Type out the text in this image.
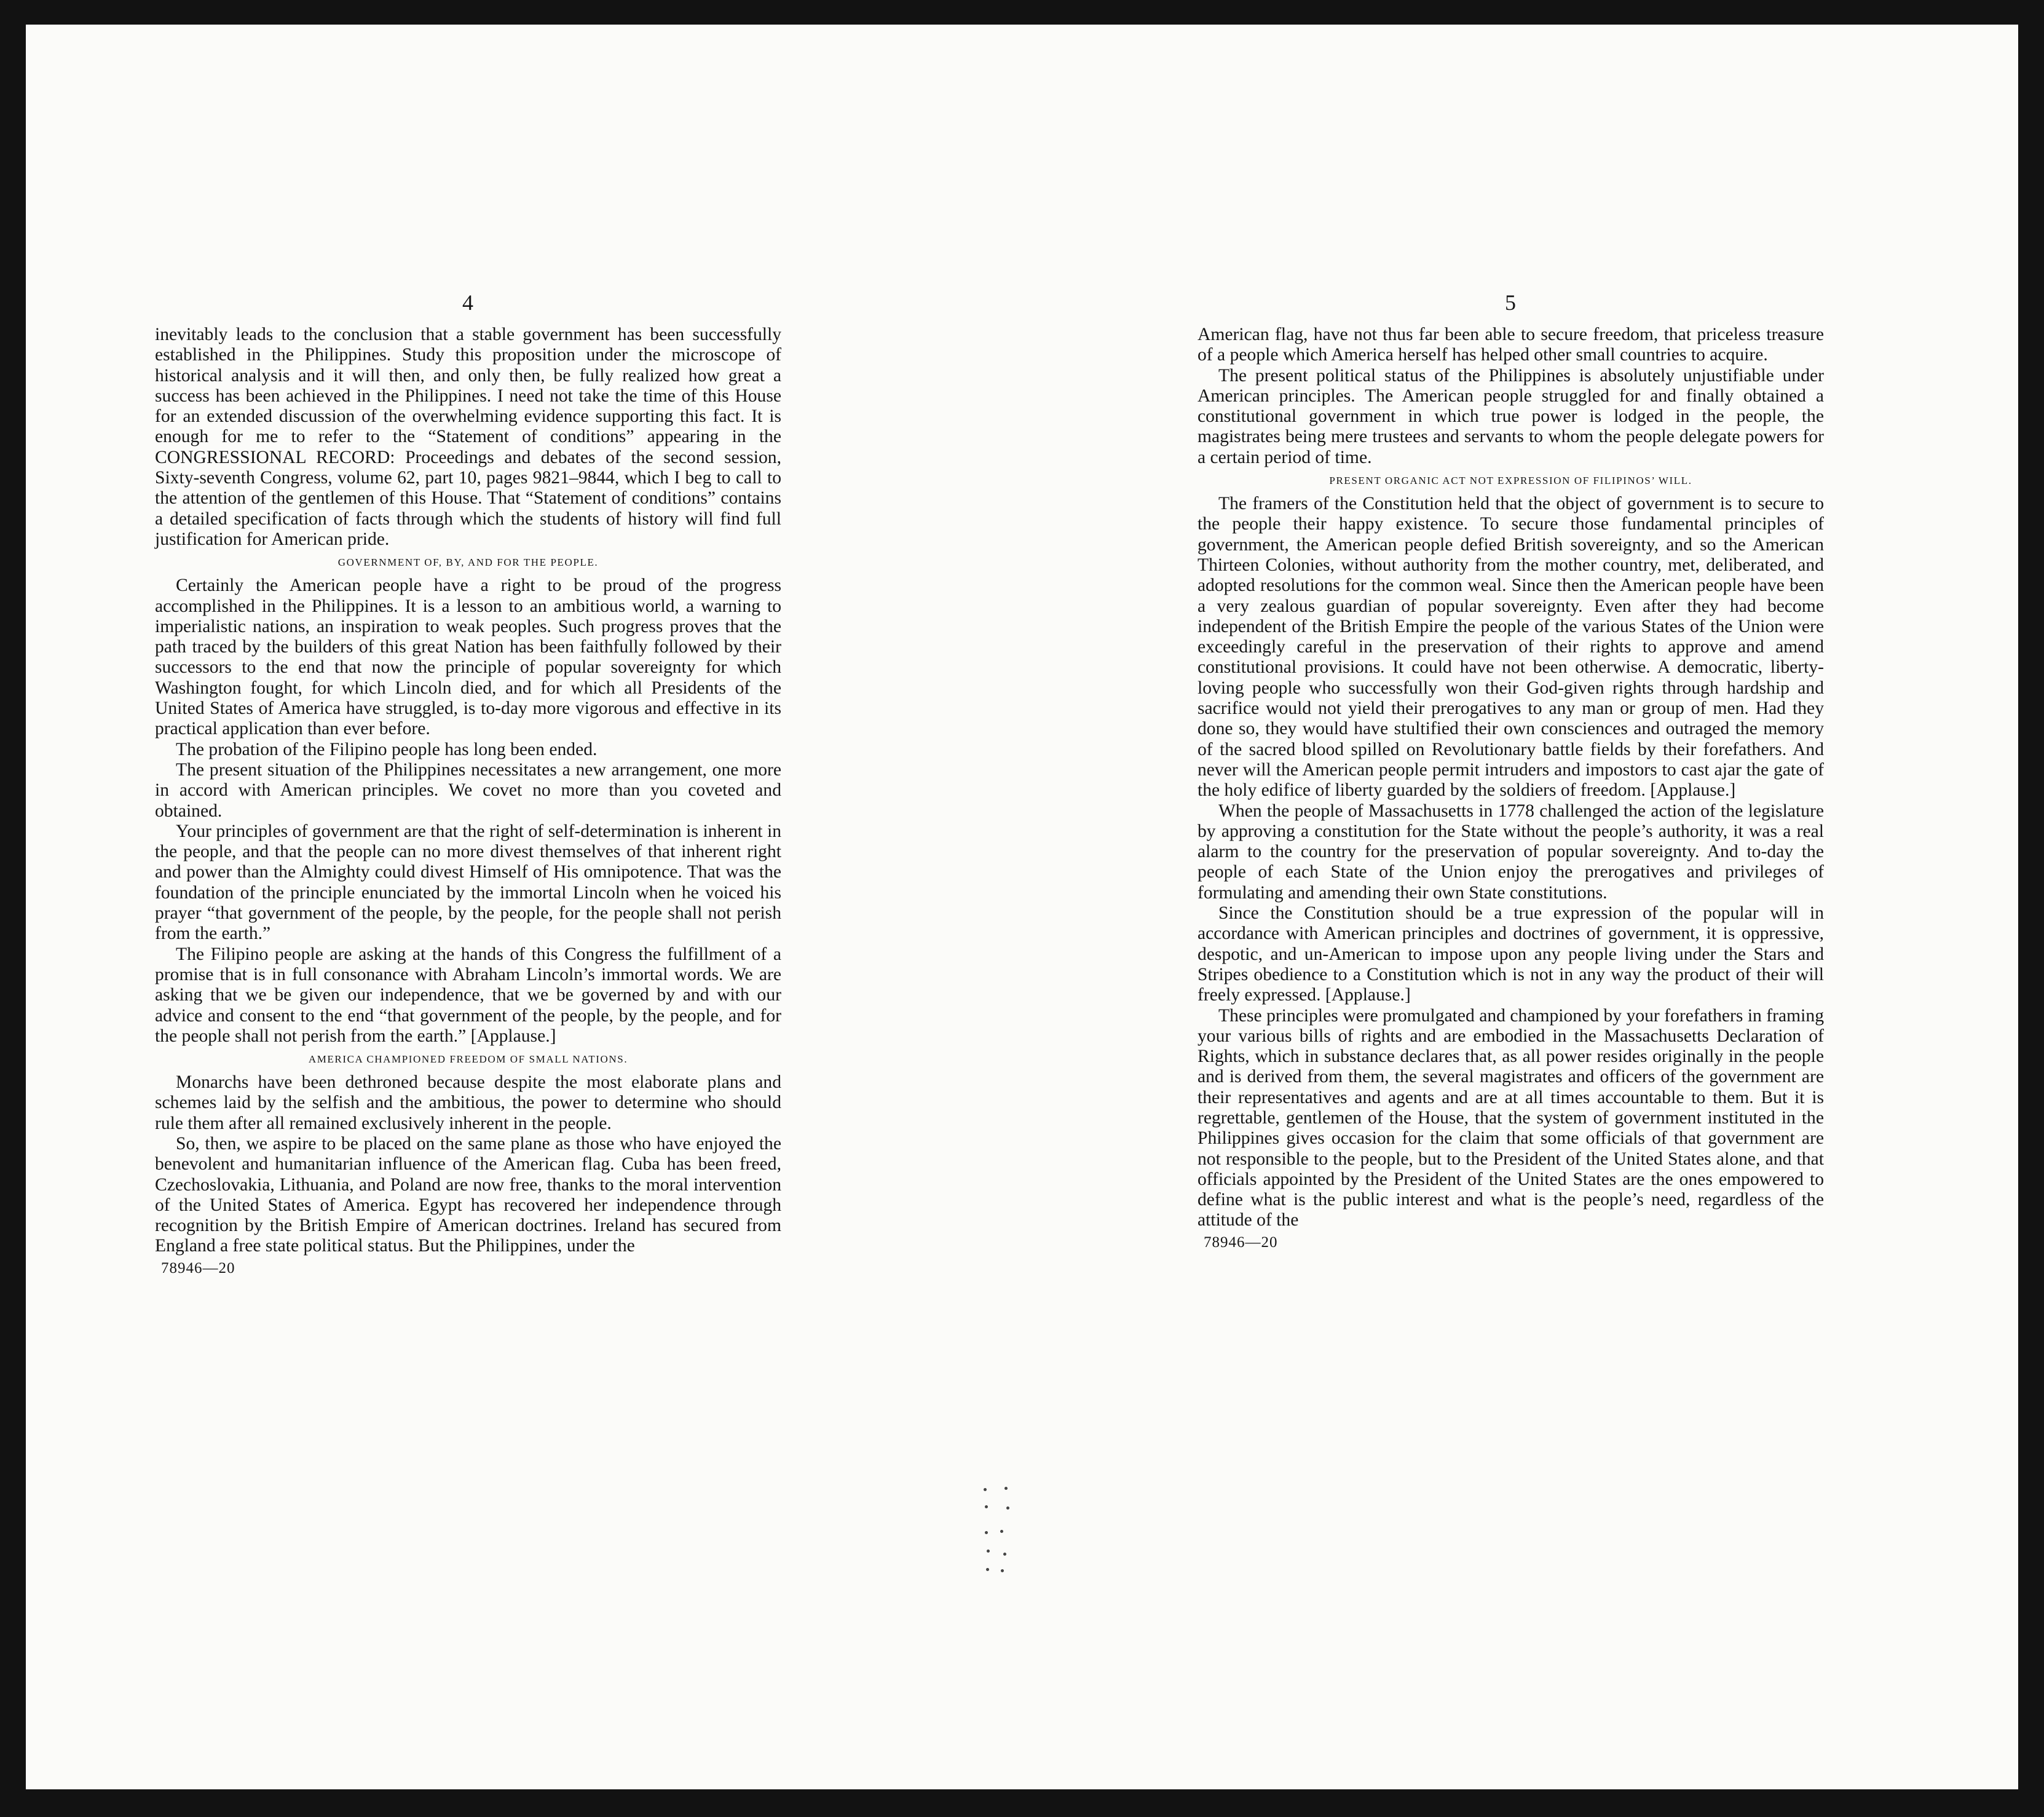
4

inevitably leads to the conclusion that a stable government has been successfully established in the Philippines. Study this proposition under the microscope of historical analysis and it will then, and only then, be fully realized how great a success has been achieved in the Philippines. I need not take the time of this House for an extended discussion of the overwhelming evidence supporting this fact. It is enough for me to refer to the “Statement of conditions” appearing in the CONGRESSIONAL RECORD: Proceedings and debates of the second session, Sixty-seventh Congress, volume 62, part 10, pages 9821–9844, which I beg to call to the attention of the gentlemen of this House. That “Statement of conditions” contains a detailed specification of facts through which the students of history will find full justification for American pride.

GOVERNMENT OF, BY, AND FOR THE PEOPLE.

Certainly the American people have a right to be proud of the progress accomplished in the Philippines. It is a lesson to an ambitious world, a warning to imperialistic nations, an inspiration to weak peoples. Such progress proves that the path traced by the builders of this great Nation has been faithfully followed by their successors to the end that now the principle of popular sovereignty for which Washington fought, for which Lincoln died, and for which all Presidents of the United States of America have struggled, is to-day more vigorous and effective in its practical application than ever before.

The probation of the Filipino people has long been ended.

The present situation of the Philippines necessitates a new arrangement, one more in accord with American principles. We covet no more than you coveted and obtained.

Your principles of government are that the right of self-determination is inherent in the people, and that the people can no more divest themselves of that inherent right and power than the Almighty could divest Himself of His omnipotence. That was the foundation of the principle enunciated by the immortal Lincoln when he voiced his prayer “that government of the people, by the people, for the people shall not perish from the earth.”

The Filipino people are asking at the hands of this Congress the fulfillment of a promise that is in full consonance with Abraham Lincoln’s immortal words. We are asking that we be given our independence, that we be governed by and with our advice and consent to the end “that government of the people, by the people, and for the people shall not perish from the earth.” [Applause.]

AMERICA CHAMPIONED FREEDOM OF SMALL NATIONS.

Monarchs have been dethroned because despite the most elaborate plans and schemes laid by the selfish and the ambitious, the power to determine who should rule them after all remained exclusively inherent in the people.

So, then, we aspire to be placed on the same plane as those who have enjoyed the benevolent and humanitarian influence of the American flag. Cuba has been freed, Czechoslovakia, Lithuania, and Poland are now free, thanks to the moral intervention of the United States of America. Egypt has recovered her independence through recognition by the British Empire of American doctrines. Ireland has secured from England a free state political status. But the Philippines, under the

78946—20
5

American flag, have not thus far been able to secure freedom, that priceless treasure of a people which America herself has helped other small countries to acquire.

The present political status of the Philippines is absolutely unjustifiable under American principles. The American people struggled for and finally obtained a constitutional government in which true power is lodged in the people, the magistrates being mere trustees and servants to whom the people delegate powers for a certain period of time.

PRESENT ORGANIC ACT NOT EXPRESSION OF FILIPINOS’ WILL.

The framers of the Constitution held that the object of government is to secure to the people their happy existence. To secure those fundamental principles of government, the American people defied British sovereignty, and so the American Thirteen Colonies, without authority from the mother country, met, deliberated, and adopted resolutions for the common weal. Since then the American people have been a very zealous guardian of popular sovereignty. Even after they had become independent of the British Empire the people of the various States of the Union were exceedingly careful in the preservation of their rights to approve and amend constitutional provisions. It could have not been otherwise. A democratic, liberty-loving people who successfully won their God-given rights through hardship and sacrifice would not yield their prerogatives to any man or group of men. Had they done so, they would have stultified their own consciences and outraged the memory of the sacred blood spilled on Revolutionary battle fields by their forefathers. And never will the American people permit intruders and impostors to cast ajar the gate of the holy edifice of liberty guarded by the soldiers of freedom. [Applause.]

When the people of Massachusetts in 1778 challenged the action of the legislature by approving a constitution for the State without the people’s authority, it was a real alarm to the country for the preservation of popular sovereignty. And to-day the people of each State of the Union enjoy the prerogatives and privileges of formulating and amending their own State constitutions.

Since the Constitution should be a true expression of the popular will in accordance with American principles and doctrines of government, it is oppressive, despotic, and un-American to impose upon any people living under the Stars and Stripes obedience to a Constitution which is not in any way the product of their will freely expressed. [Applause.]

These principles were promulgated and championed by your forefathers in framing your various bills of rights and are embodied in the Massachusetts Declaration of Rights, which in substance declares that, as all power resides originally in the people and is derived from them, the several magistrates and officers of the government are their representatives and agents and are at all times accountable to them. But it is regrettable, gentlemen of the House, that the system of government instituted in the Philippines gives occasion for the claim that some officials of that government are not responsible to the people, but to the President of the United States alone, and that officials appointed by the President of the United States are the ones empowered to define what is the public interest and what is the people’s need, regardless of the attitude of the

78946—20
